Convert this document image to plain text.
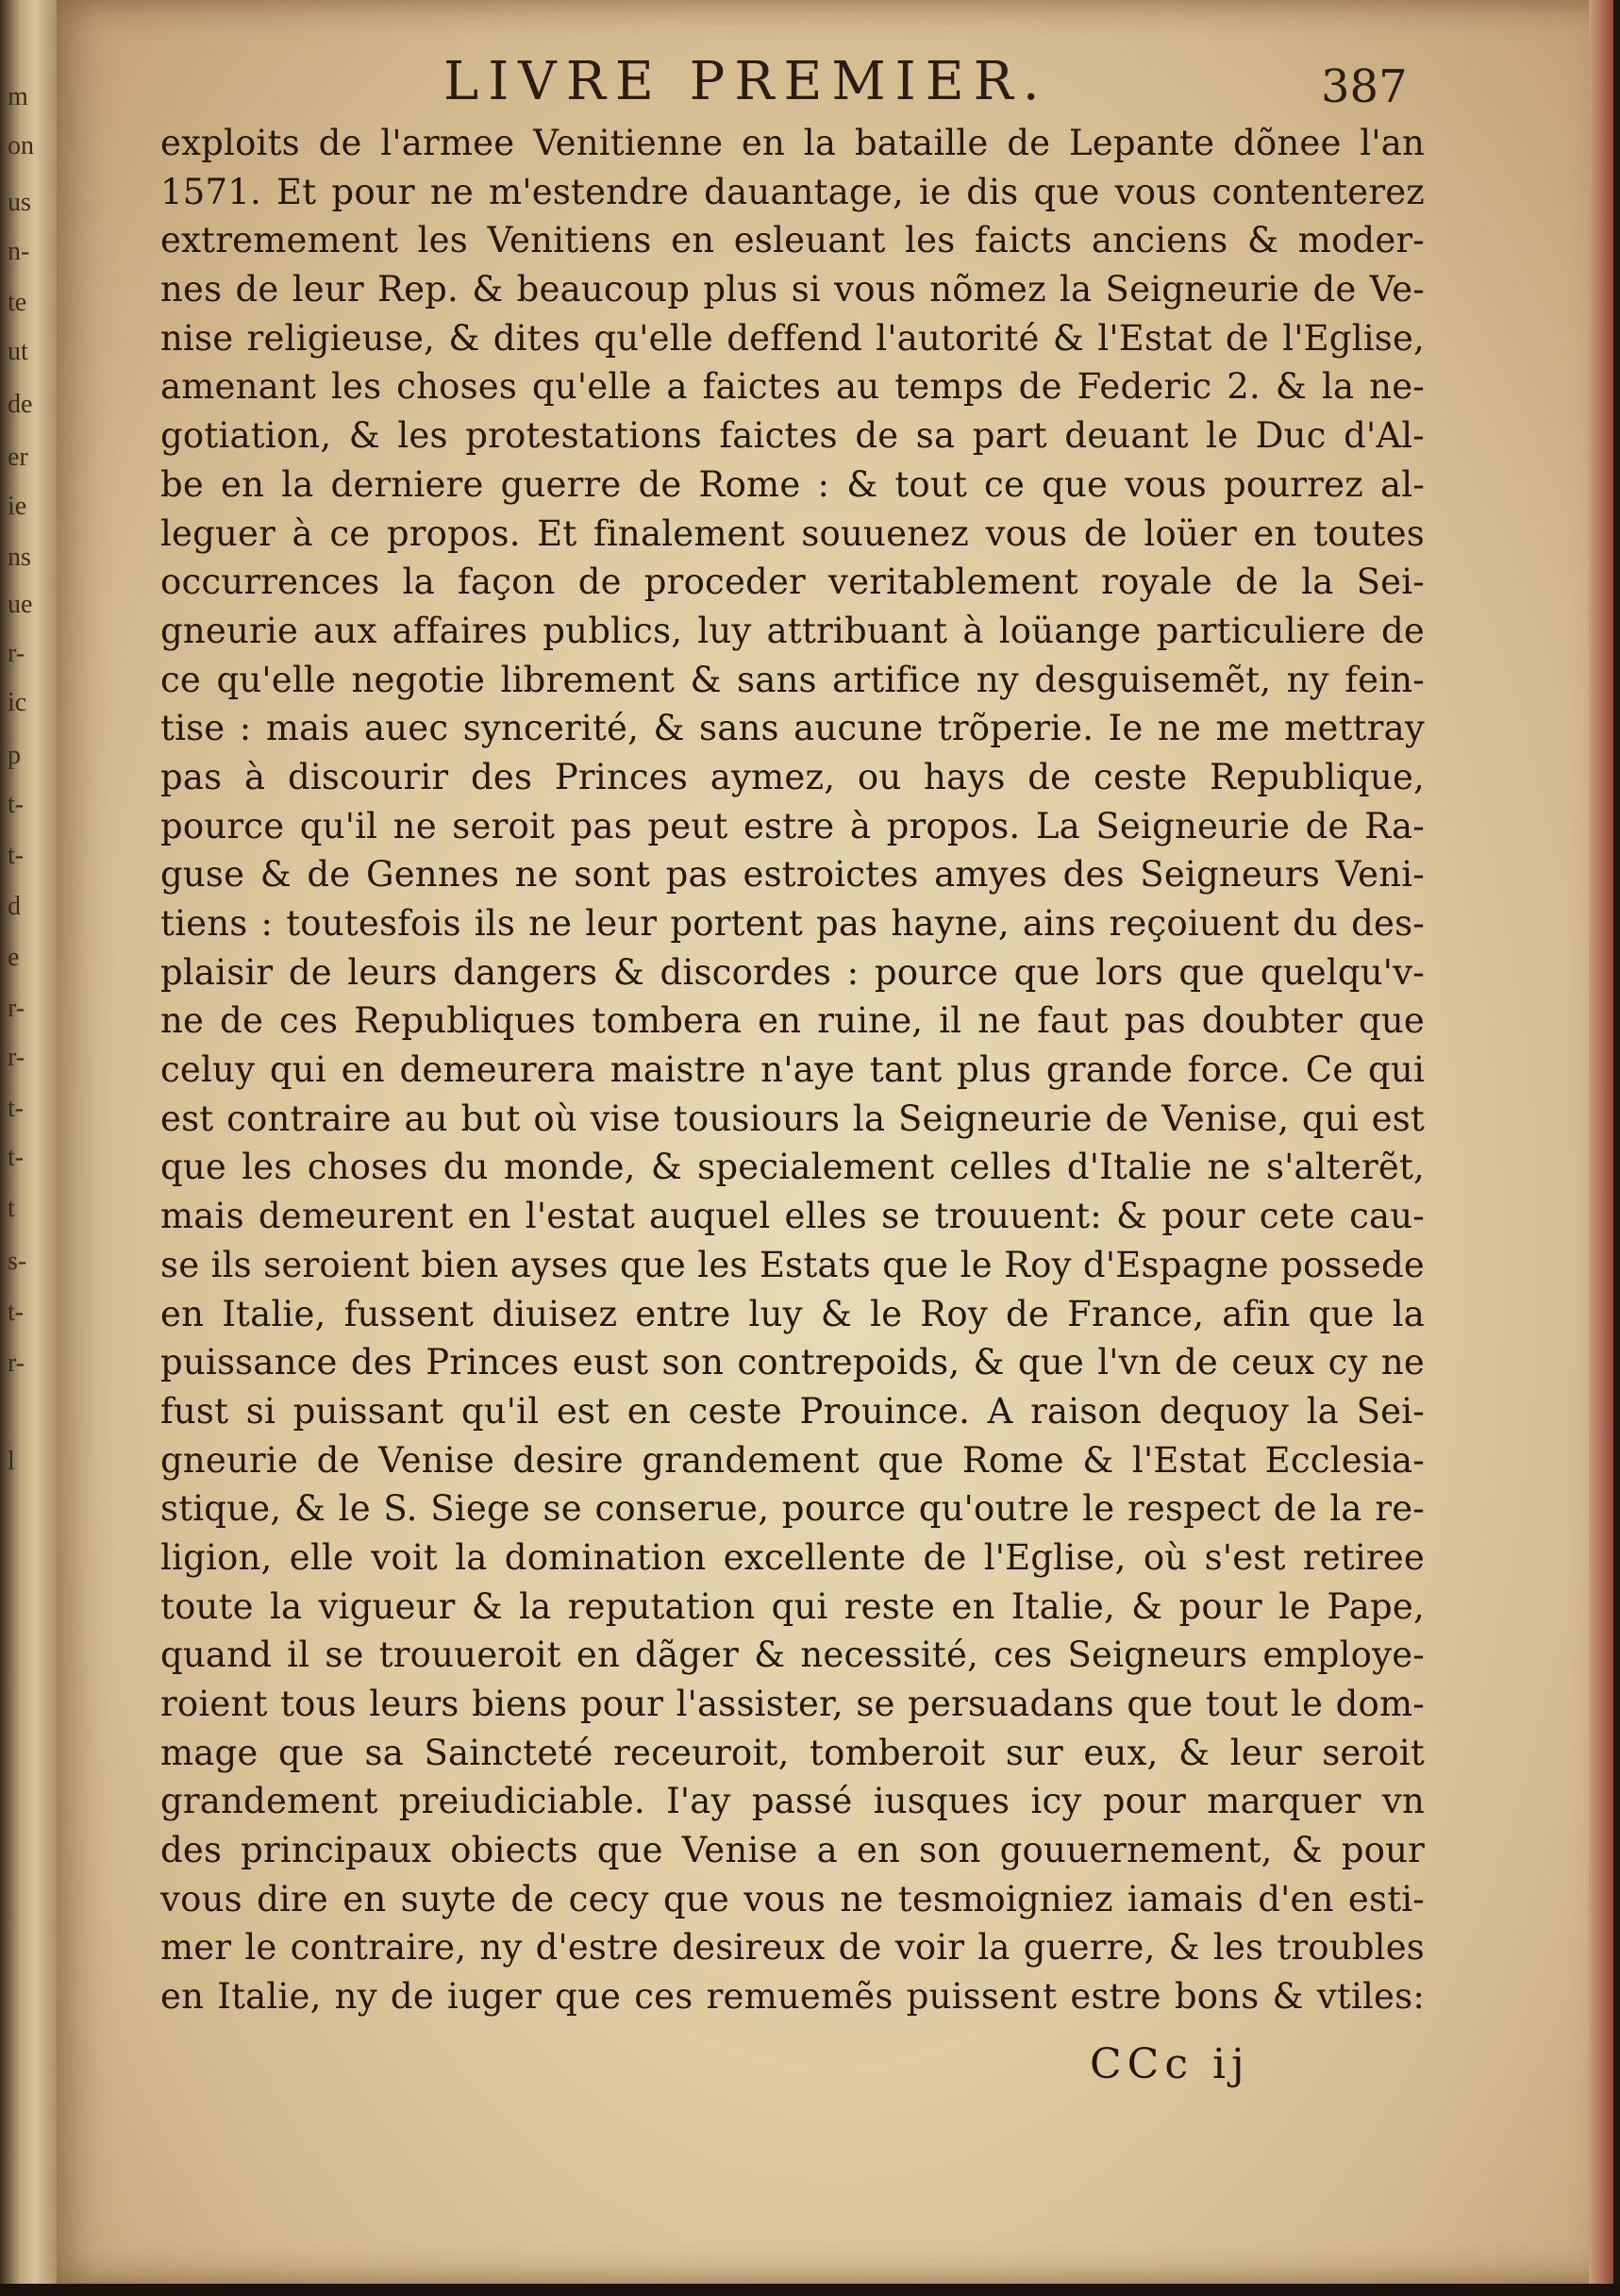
m
on
us
n-
te
ut
de
er
ie
ns
ue
r-
ic
p
t-
t-
d
e
r-
r-
t-
t-
t
s-
t-
r-
l
LIVRE PREMIER.	387
exploits de l'armee Venitienne en la bataille de Lepante dõnee l'an
1571. Et pour ne m'estendre dauantage, ie dis que vous contenterez
extremement les Venitiens en esleuant les faicts anciens & moder-
nes de leur Rep. & beaucoup plus si vous nõmez la Seigneurie de Ve-
nise religieuse, & dites qu'elle deffend l'autorité & l'Estat de l'Eglise,
amenant les choses qu'elle a faictes au temps de Federic 2. & la ne-
gotiation, & les protestations faictes de sa part deuant le Duc d'Al-
be en la derniere guerre de Rome : & tout ce que vous pourrez al-
leguer à ce propos. Et finalement souuenez vous de loüer en toutes
occurrences la façon de proceder veritablement royale de la Sei-
gneurie aux affaires publics, luy attribuant à loüange particuliere de
ce qu'elle negotie librement & sans artifice ny desguisemẽt, ny fein-
tise : mais auec syncerité, & sans aucune trõperie. Ie ne me mettray
pas à discourir des Princes aymez, ou hays de ceste Republique,
pource qu'il ne seroit pas peut estre à propos. La Seigneurie de Ra-
guse & de Gennes ne sont pas estroictes amyes des Seigneurs Veni-
tiens : toutesfois ils ne leur portent pas hayne, ains reçoiuent du des-
plaisir de leurs dangers & discordes : pource que lors que quelqu'v-
ne de ces Republiques tombera en ruine, il ne faut pas doubter que
celuy qui en demeurera maistre n'aye tant plus grande force. Ce qui
est contraire au but où vise tousiours la Seigneurie de Venise, qui est
que les choses du monde, & specialement celles d'Italie ne s'alterẽt,
mais demeurent en l'estat auquel elles se trouuent: & pour cete cau-
se ils seroient bien ayses que les Estats que le Roy d'Espagne possede
en Italie, fussent diuisez entre luy & le Roy de France, afin que la
puissance des Princes eust son contrepoids, & que l'vn de ceux cy ne
fust si puissant qu'il est en ceste Prouince. A raison dequoy la Sei-
gneurie de Venise desire grandement que Rome & l'Estat Ecclesia-
stique, & le S. Siege se conserue, pource qu'outre le respect de la re-
ligion, elle voit la domination excellente de l'Eglise, où s'est retiree
toute la vigueur & la reputation qui reste en Italie, & pour le Pape,
quand il se trouueroit en dãger & necessité, ces Seigneurs employe-
roient tous leurs biens pour l'assister, se persuadans que tout le dom-
mage que sa Saincteté receuroit, tomberoit sur eux, & leur seroit
grandement preiudiciable. I'ay passé iusques icy pour marquer vn
des principaux obiects que Venise a en son gouuernement, & pour
vous dire en suyte de cecy que vous ne tesmoigniez iamais d'en esti-
mer le contraire, ny d'estre desireux de voir la guerre, & les troubles
en Italie, ny de iuger que ces remuemẽs puissent estre bons & vtiles:
CCc ij
